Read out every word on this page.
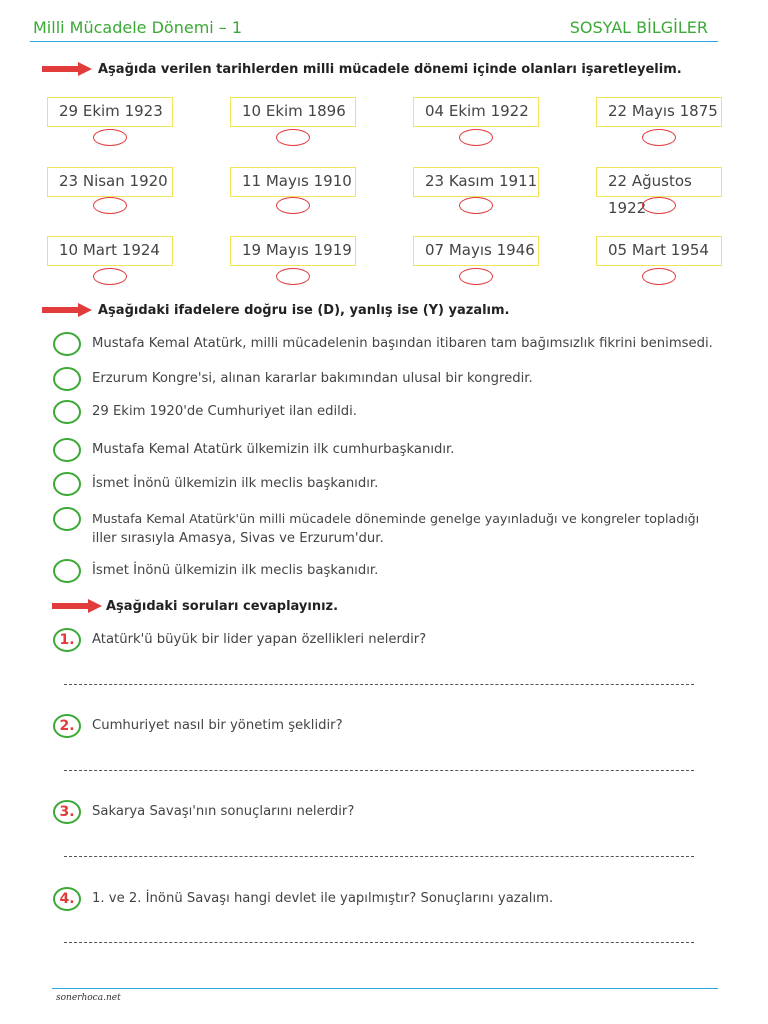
Milli Mücadele Dönemi – 1	SOSYAL BİLGİLER
Aşağıda verilen tarihlerden milli mücadele dönemi içinde olanları işaretleyelim.
29 Ekim 1923	10 Ekim 1896	04 Ekim 1922	22 Mayıs 1875
23 Nisan 1920	11 Mayıs 1910	23 Kasım 1911	22 Ağustos 1922
10 Mart 1924	19 Mayıs 1919	07 Mayıs 1946	05 Mart 1954
Aşağıdaki ifadelere doğru ise (D), yanlış ise (Y) yazalım.
Mustafa Kemal Atatürk, milli mücadelenin başından itibaren tam bağımsızlık fikrini benimsedi.
Erzurum Kongre'si, alınan kararlar bakımından ulusal bir kongredir.
29 Ekim 1920'de Cumhuriyet ilan edildi.
Mustafa Kemal Atatürk ülkemizin ilk cumhurbaşkanıdır.
İsmet İnönü ülkemizin ilk meclis başkanıdır.
Mustafa Kemal Atatürk'ün milli mücadele döneminde genelge yayınladuğı ve kongreler topladığı
iller sırasıyla Amasya, Sivas ve Erzurum'dur.
İsmet İnönü ülkemizin ilk meclis başkanıdır.
Aşağıdaki soruları cevaplayınız.
1.	Atatürk'ü büyük bir lider yapan özellikleri nelerdir?
2.	Cumhuriyet nasıl bir yönetim şeklidir?
3.	Sakarya Savaşı'nın sonuçlarını nelerdir?
4.	1. ve 2. İnönü Savaşı hangi devlet ile yapılmıştır? Sonuçlarını yazalım.
sonerhoca.net
